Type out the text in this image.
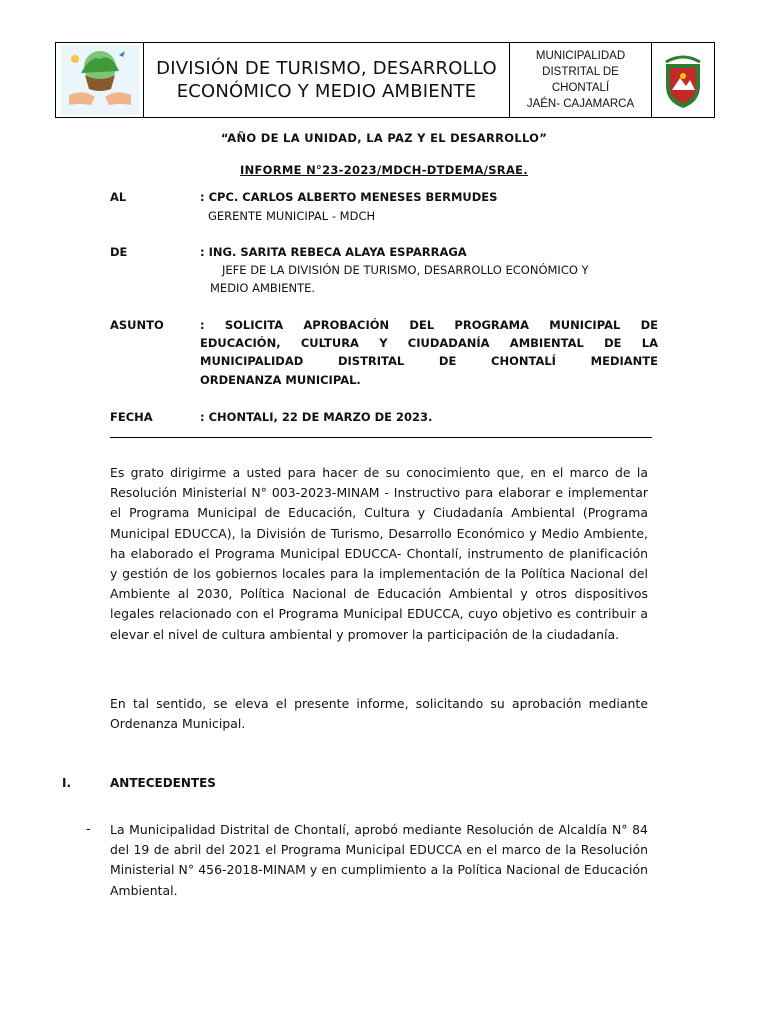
DIVISIÓN DE TURISMO, DESARROLLO
ECONÓMICO Y MEDIO AMBIENTE
MUNICIPALIDAD
DISTRITAL DE
CHONTALÍ
JAÉN- CAJAMARCA
“AÑO DE LA UNIDAD, LA PAZ Y EL DESARROLLO”
INFORME N°23-2023/MDCH-DTDEMA/SRAE.
AL	: CPC. CARLOS ALBERTO MENESES BERMUDES
GERENTE MUNICIPAL - MDCH
DE	: ING. SARITA REBECA ALAYA ESPARRAGA
JEFE DE LA DIVISIÓN DE TURISMO, DESARROLLO ECONÓMICO Y
MEDIO AMBIENTE.
ASUNTO	: SOLICITA APROBACIÓN DEL PROGRAMA MUNICIPAL DE
EDUCACIÓN, CULTURA Y CIUDADANÍA AMBIENTAL DE LA
MUNICIPALIDAD DISTRITAL DE CHONTALÍ MEDIANTE
ORDENANZA MUNICIPAL.
FECHA	: CHONTALI, 22 DE MARZO DE 2023.
Es grato dirigirme a usted para hacer de su conocimiento que, en el marco de la Resolución Ministerial N° 003-2023-MINAM - Instructivo para elaborar e implementar el Programa Municipal de Educación, Cultura y Ciudadanía Ambiental (Programa Municipal EDUCCA), la División de Turismo, Desarrollo Económico y Medio Ambiente, ha elaborado el Programa Municipal EDUCCA- Chontalí, instrumento de planificación y gestión de los gobiernos locales para la implementación de la Política Nacional del Ambiente al 2030, Política Nacional de Educación Ambiental y otros dispositivos legales relacionado con el Programa Municipal EDUCCA, cuyo objetivo es contribuir a elevar el nivel de cultura ambiental y promover la participación de la ciudadanía.
En tal sentido, se eleva el presente informe, solicitando su aprobación mediante Ordenanza Municipal.
I.	ANTECEDENTES
- La Municipalidad Distrital de Chontalí, aprobó mediante Resolución de Alcaldía N° 84 del 19 de abril del 2021 el Programa Municipal EDUCCA en el marco de la Resolución Ministerial N° 456-2018-MINAM y en cumplimiento a la Política Nacional de Educación Ambiental.
